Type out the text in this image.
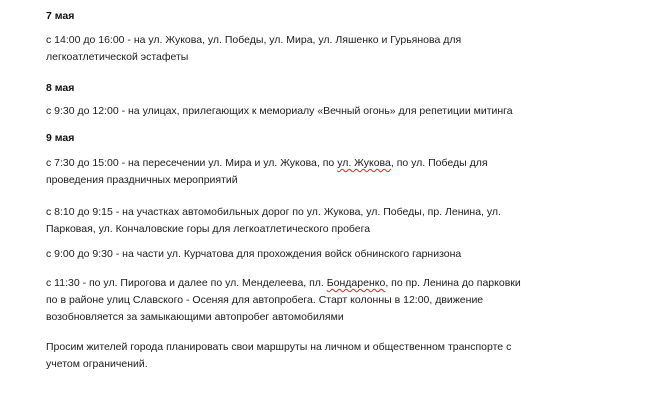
7 мая

с 14:00 до 16:00 - на ул. Жукова, ул. Победы, ул. Мира, ул. Ляшенко и Гурьянова для
легкоатлетической эстафеты

8 мая

с 9:30 до 12:00 - на улицах, прилегающих к мемориалу «Вечный огонь» для репетиции митинга

9 мая

с 7:30 до 15:00 - на пересечении ул. Мира и ул. Жукова, по ул. Жукова, по ул. Победы для
проведения праздничных мероприятий

с 8:10 до 9:15 - на участках автомобильных дорог по ул. Жукова, ул. Победы, пр. Ленина, ул.
Парковая, ул. Кончаловские горы для легкоатлетического пробега

с 9:00 до 9:30 - на части ул. Курчатова для прохождения войск обнинского гарнизона

с 11:30 - по ул. Пирогова и далее по ул. Менделеева, пл. Бондаренко, по пр. Ленина до парковки
по в районе улиц Славского - Осеняя для автопробега. Старт колонны в 12:00, движение
возобновляется за замыкающими автопробег автомобилями

Просим жителей города планировать свои маршруты на личном и общественном транспорте с
учетом ограничений.
